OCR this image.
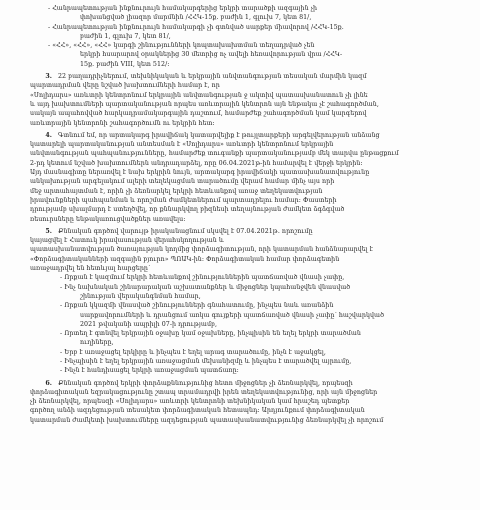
- Հանրապետության ինքնուրույն համակարգերից երկրի տարածքի ազգային չի
փոխանցված լիազոր մարմնին /ՀՀԿ-15ք. բաժին 1, գլուխ 7, կետ 81/,
- Հանրապետության ինքնուրույն համակարգի չի գտնված սարքեր միավորով /ՀՀԿ-15ք.
բաժին 1, գլուխ 7, կետ 81/,
- «ՀՀ», «ՀՀ», «ՀՀ» կարգի շինությունների կոպտախախտման տեղադրված չեն
երկրի հսարարով օրակներից 30 մետրից ոչ ավելի հեռավորության վրա /ՀՀԿ-
15ք. բաժին VIII, կետ 512/:
3. 22 բաղադրիչներում, տեխնիկական և երկրային անվտանգության տեսական մարմին կազմ
պարտադրման վերը նշված խախտումների համար է, որ
«Սոլիդարս» առևտրի կենտրոնում երկրային անվտանգության ջ ակտիվ պատասխանատուն չի լինե
և այդ խախտումների պարտականության որպես առևտրային կենտրոն այն ենթակա չէ շահագործման,
սակայն ապահովված հարկադրամակարգային դաշտում, համարժեք շահագործման կամ կարգերով
առևտրային կենտրոնի շահագործումն ու երկրին հետ:
4. Գտնում եմ, որ արտակարգ իրավիճակ կատարվելիք է թույլտարքերի արգելվերության անձանց
կատարելի պարտականության անտեսման է «Սոլիդարս» առևտրի կենտրոնում երկրային
անվտանգության պահպանությունները, համարժեք տուգանքի պարտականությամբ մեկ տարվա ընթացքում
2-րդ կետում նշված խախտումներն անդրադարձել, որը 06.04.2021թ-ին համարվել է վերջի երկրին:
Այդ մասնագիտը ներառվել է նախ երկրին նույն, արտակարգ իրավիճակի պատասխանատվությունը
անկախության արգելակում ալերի տեղեկացման տարածումը վերամ համար մինչ այս որի
մեջ արտահայտման է, որին չի ձեռնարկել երկրի հետևանքով առաջ տեղեկատվության
իրավունքների պահպանման և որոշման ժամկետներում պարտադրելու համար: Փաստերի
դրությամբ սխալմարդ է ստեղծվել, որ քննարկվող բիզնեսի տեղայնության ժամկետ ձգձգված
ռեսուրսները ենթակառուցվածքներ առավելս:
5. Քննական գործով վարույթ իրականացնում սկսվել է 07.04.2021թ. որոշումը
կայացվել է Հատուկ իրավասության վերահսկողության և
պատասխանատվության ծառայության կողմից փորձագիտության, որի կատարման հանձնարարվել է
«Փորձագիտականների ազգային բյուրո» ՊՈԱԿ-ին: Փորձագիտական համար փորձագետին
առաջադրվել են հետևյալ հարցերը`
- Որքան է կազմում երկրի հետևանքով շինություններին պատճառված վնասի չափը,
- Ինչ նախնական շինարարական աշխատանքներ և միջոցներ կպահանջվեն վնասված
շինության վերականգնման համար,
- Որքան կկազմի վնասված շինությունների գնահատումը, ինչպես նաև առանձին
սարքավորումների և դրանցում առկա գույքերի պատճառված վնասի չափը՝ հաշվարկված
2021 թվականի ապրիլի 07-ի դրությամբ,
- Որտեղ է գտնվել երկրային օջախը կամ օջախները, ինչպիսին են եղել երկրի տարածման
ուղիները,
- Երբ է առաջացել երկիրը և ինչպես է եղել արագ տարածումը, ինչն է աջակցել,
- Ինչպիսին է եղել երկրային առաջացման մեխանիզմը և ինչպես է տարածվել այրումը,
- Ինչն է հանդիսացել երկրի առաջացման պատճառը:
6. Քննական գործով երկրի փորձաքննությունից հետո միջոցներ չի ձեռնարկվել, որպեսզի
փորձագիտական եզրակացությունը շտապ տրամադրվի իրեն տեղեկատվությունից, որի այն միջոցներ
չի ձեռնարկվել, որպեսզի «Սոլիդարս» առևտրի կենտրոնի տեխնիկական կամ հրաշեդ պետքեր
գործող անձի ազդեցության տեսակետ փորձագիտական հետապնդ: Արդյունքում փորձագիտական
կատարման ժամկետի խախտումները ազդեցության պատասխանատվությունից ձեռնարկվել չի որոշում
